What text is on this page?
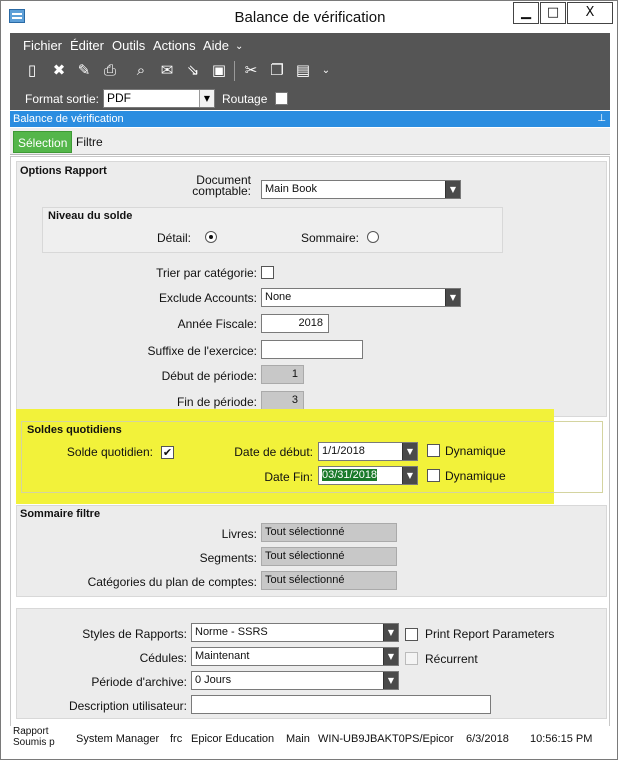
Balance de vérification	▁	□	X
Fichier Éditer Outils Actions Aide ⌄
▯	✖ ✎ ⎙	⌕	✉ ⇘ ▣	✂ ❐ ▤	⌄
Format sortie: PDF	▼ Routage
Balance de vérification	⊥
Sélection Filtre
Options Rapport
Document
comptable:	Main Book	▼
Niveau du solde
Détail:	Sommaire:
Trier par catégorie:
Exclude Accounts: None	▼
Année Fiscale:	2018
Suffixe de l'exercice:
Début de période:	1
Fin de période:	3
Soldes quotidiens
Solde quotidien: ✔	Date de début: 1/1/2018	▼	Dynamique
Date Fin: 03/31/2018	▼	Dynamique
Sommaire filtre
Livres: Tout sélectionné
Segments: Tout sélectionné
Catégories du plan de comptes: Tout sélectionné
Styles de Rapports: Norme - SSRS	▼	Print Report Parameters
Cédules: Maintenant	▼	Récurrent
Période d'archive: 0 Jours	▼
Description utilisateur:
Rapport
Soumis p System Manager frc Epicor Education Main WIN-UB9JBAKT0PS/Epicor 6/3/2018 10:56:15 PM
